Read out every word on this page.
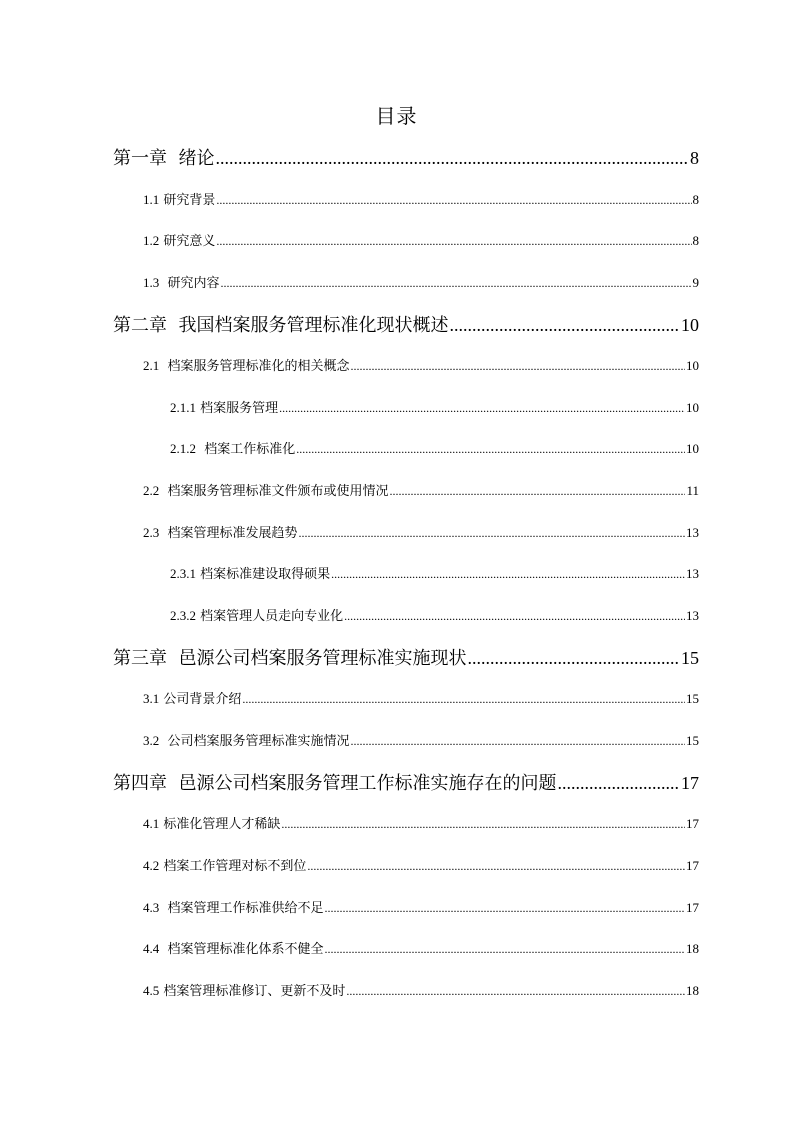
目录
第一章 绪论 .....	8
1.1 研究背景 .....	8
1.2 研究意义 .....	8
1.3 研究内容 .....	9
第二章 我国档案服务管理标准化现状概述 .....	10
2.1 档案服务管理标准化的相关概念 .....	10
2.1.1 档案服务管理 .....	10
2.1.2 档案工作标准化 .....	10
2.2 档案服务管理标准文件颁布或使用情况 .....	11
2.3 档案管理标准发展趋势 .....	13
2.3.1 档案标准建设取得硕果 .....	13
2.3.2 档案管理人员走向专业化 .....	13
第三章 邑源公司档案服务管理标准实施现状 .....	15
3.1 公司背景介绍 .....	15
3.2 公司档案服务管理标准实施情况 .....	15
第四章 邑源公司档案服务管理工作标准实施存在的问题 .....	17
4.1 标准化管理人才稀缺 .....	17
4.2 档案工作管理对标不到位 .....	17
4.3 档案管理工作标准供给不足 .....	17
4.4 档案管理标准化体系不健全 .....	18
4.5 档案管理标准修订、更新不及时 .....	18
